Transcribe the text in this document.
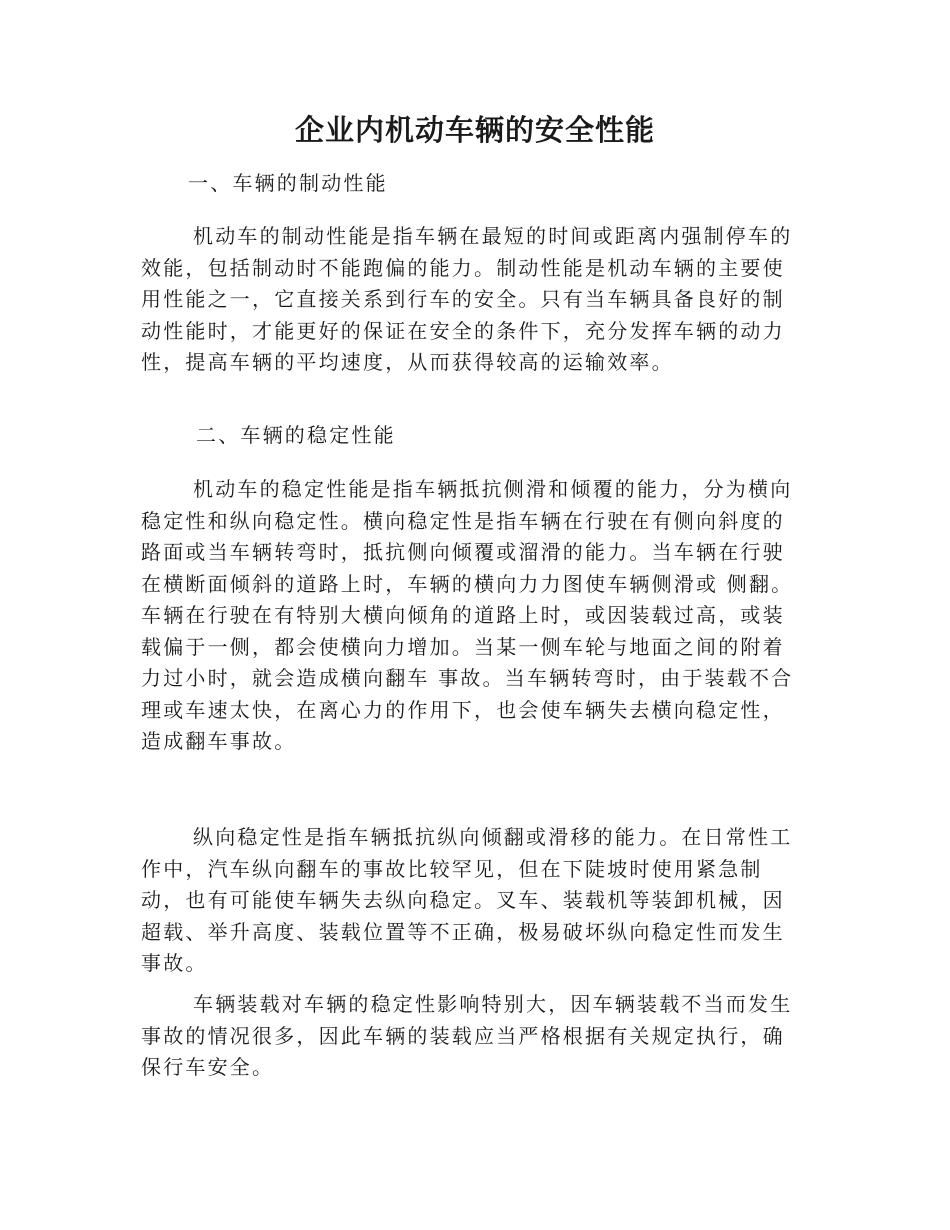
企业内机动车辆的安全性能
一、车辆的制动性能

机动车的制动性能是指车辆在最短的时间或距离内强制停车的效能，包括制动时不能跑偏的能力。制动性能是机动车辆的主要使用性能之一，它直接关系到行车的安全。只有当车辆具备良好的制动性能时，才能更好的保证在安全的条件下，充分发挥车辆的动力性，提高车辆的平均速度，从而获得较高的运输效率。

二、车辆的稳定性能

机动车的稳定性能是指车辆抵抗侧滑和倾覆的能力，分为横向稳定性和纵向稳定性。横向稳定性是指车辆在行驶在有侧向斜度的路面或当车辆转弯时，抵抗侧向倾覆或溜滑的能力。当车辆在行驶在横断面倾斜的道路上时，车辆的横向力力图使车辆侧滑或 侧翻。车辆在行驶在有特别大横向倾角的道路上时，或因装载过高，或装载偏于一侧，都会使横向力增加。当某一侧车轮与地面之间的附着力过小时，就会造成横向翻车 事故。当车辆转弯时，由于装载不合理或车速太快，在离心力的作用下，也会使车辆失去横向稳定性，造成翻车事故。

纵向稳定性是指车辆抵抗纵向倾翻或滑移的能力。在日常性工作中，汽车纵向翻车的事故比较罕见，但在下陡坡时使用紧急制动，也有可能使车辆失去纵向稳定。叉车、装载机等装卸机械，因超载、举升高度、装载位置等不正确，极易破坏纵向稳定性而发生事故。

车辆装载对车辆的稳定性影响特别大，因车辆装载不当而发生事故的情况很多，因此车辆的装载应当严格根据有关规定执行，确保行车安全。
